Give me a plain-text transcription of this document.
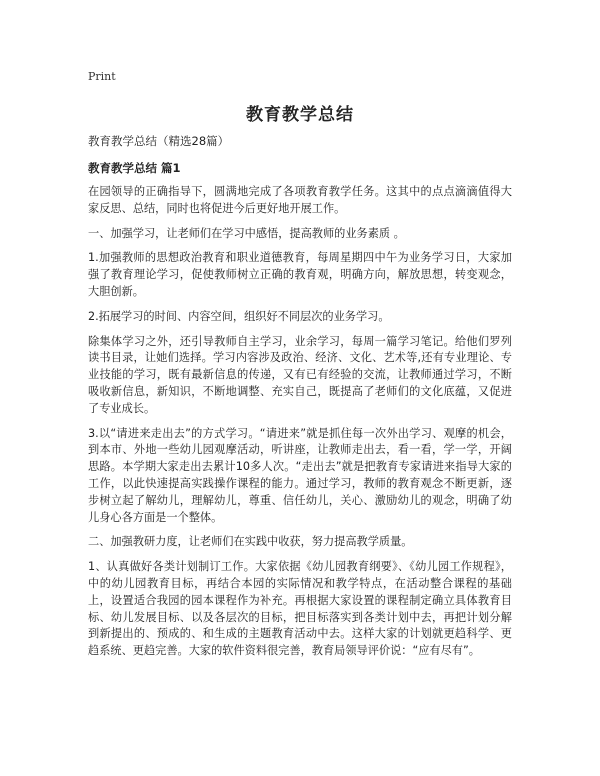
Print
教育教学总结

教育教学总结（精选28篇）

教育教学总结 篇1

在园领导的正确指导下，圆满地完成了各项教育教学任务。这其中的点点滴滴值得大家反思、总结，同时也将促进今后更好地开展工作。

一、加强学习，让老师们在学习中感悟，提高教师的业务素质 。

1.加强教师的思想政治教育和职业道德教育，每周星期四中午为业务学习日，大家加强了教育理论学习，促使教师树立正确的教育观，明确方向，解放思想，转变观念，大胆创新。

2.拓展学习的时间、内容空间，组织好不同层次的业务学习。

除集体学习之外，还引导教师自主学习，业余学习，每周一篇学习笔记。给他们罗列读书目录，让她们选择。学习内容涉及政治、经济、文化、艺术等,还有专业理论、专业技能的学习，既有最新信息的传递，又有已有经验的交流，让教师通过学习，不断吸收新信息，新知识，不断地调整、充实自己，既提高了老师们的文化底蕴，又促进了专业成长。

3.以“请进来走出去”的方式学习。“请进来”就是抓住每一次外出学习、观摩的机会，到本市、外地一些幼儿园观摩活动，听讲座，让教师走出去，看一看，学一学，开阔思路。本学期大家走出去累计10多人次。“走出去”就是把教育专家请进来指导大家的工作，以此快速提高实践操作课程的能力。通过学习，教师的教育观念不断更新，逐步树立起了解幼儿，理解幼儿，尊重、信任幼儿，关心、激励幼儿的观念，明确了幼儿身心各方面是一个整体。

二、加强教研力度，让老师们在实践中收获，努力提高教学质量。

1、认真做好各类计划制订工作。大家依据《幼儿园教育纲要》、《幼儿园工作规程》，中的幼儿园教育目标，再结合本园的实际情况和教学特点，在活动整合课程的基础上，设置适合我园的园本课程作为补充。再根据大家设置的课程制定确立具体教育目标、幼儿发展目标、以及各层次的目标，把目标落实到各类计划中去，再把计划分解到新提出的、预成的、和生成的主题教育活动中去。这样大家的计划就更趋科学、更趋系统、更趋完善。大家的软件资料很完善，教育局领导评价说：“应有尽有”。
